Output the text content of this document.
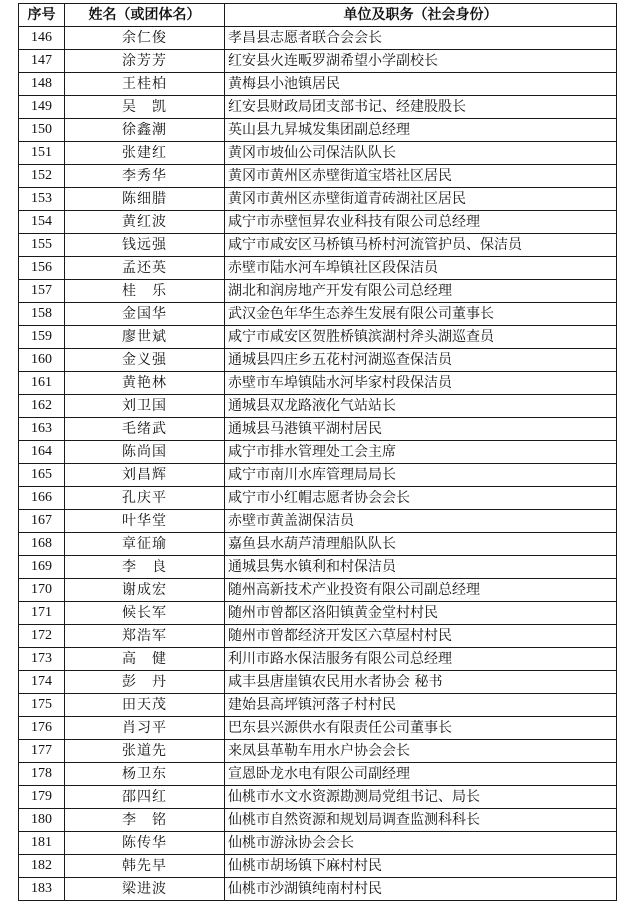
序号	姓名（或团体名）	单位及职务（社会身份）
146	余仁俊	孝昌县志愿者联合会会长
147	涂芳芳	红安县火连畈罗湖希望小学副校长
148	王桂柏	黄梅县小池镇居民
149	吴　凯	红安县财政局团支部书记、经建股股长
150	徐鑫潮	英山县九昇城发集团副总经理
151	张建红	黄冈市坡仙公司保洁队队长
152	李秀华	黄冈市黄州区赤壁街道宝塔社区居民
153	陈细腊	黄冈市黄州区赤壁街道青砖湖社区居民
154	黄红波	咸宁市赤壁恒昇农业科技有限公司总经理
155	钱远强	咸宁市咸安区马桥镇马桥村河流管护员、保洁员
156	孟还英	赤壁市陆水河车埠镇社区段保洁员
157	桂　乐	湖北和润房地产开发有限公司总经理
158	金国华	武汉金色年华生态养生发展有限公司董事长
159	廖世斌	咸宁市咸安区贺胜桥镇滨湖村斧头湖巡查员
160	金义强	通城县四庄乡五花村河湖巡查保洁员
161	黄艳林	赤壁市车埠镇陆水河毕家村段保洁员
162	刘卫国	通城县双龙路液化气站站长
163	毛绪武	通城县马港镇平湖村居民
164	陈尚国	咸宁市排水管理处工会主席
165	刘昌辉	咸宁市南川水库管理局局长
166	孔庆平	咸宁市小红帽志愿者协会会长
167	叶华堂	赤壁市黄盖湖保洁员
168	章征瑜	嘉鱼县水葫芦清理船队队长
169	李　良	通城县隽水镇利和村保洁员
170	谢成宏	随州高新技术产业投资有限公司副总经理
171	候长军	随州市曾都区洛阳镇黄金堂村村民
172	郑浩军	随州市曾都经济开发区六草屋村村民
173	高　健	利川市路水保洁服务有限公司总经理
174	彭　丹	咸丰县唐崖镇农民用水者协会 秘书
175	田天茂	建始县高坪镇河落子村村民
176	肖习平	巴东县兴源供水有限责任公司董事长
177	张道先	来凤县革勒车用水户协会会长
178	杨卫东	宣恩卧龙水电有限公司副经理
179	邵四红	仙桃市水文水资源勘测局党组书记、局长
180	李　铭	仙桃市自然资源和规划局调查监测科科长
181	陈传华	仙桃市游泳协会会长
182	韩先早	仙桃市胡场镇下麻村村民
183	梁进波	仙桃市沙湖镇纯南村村民
